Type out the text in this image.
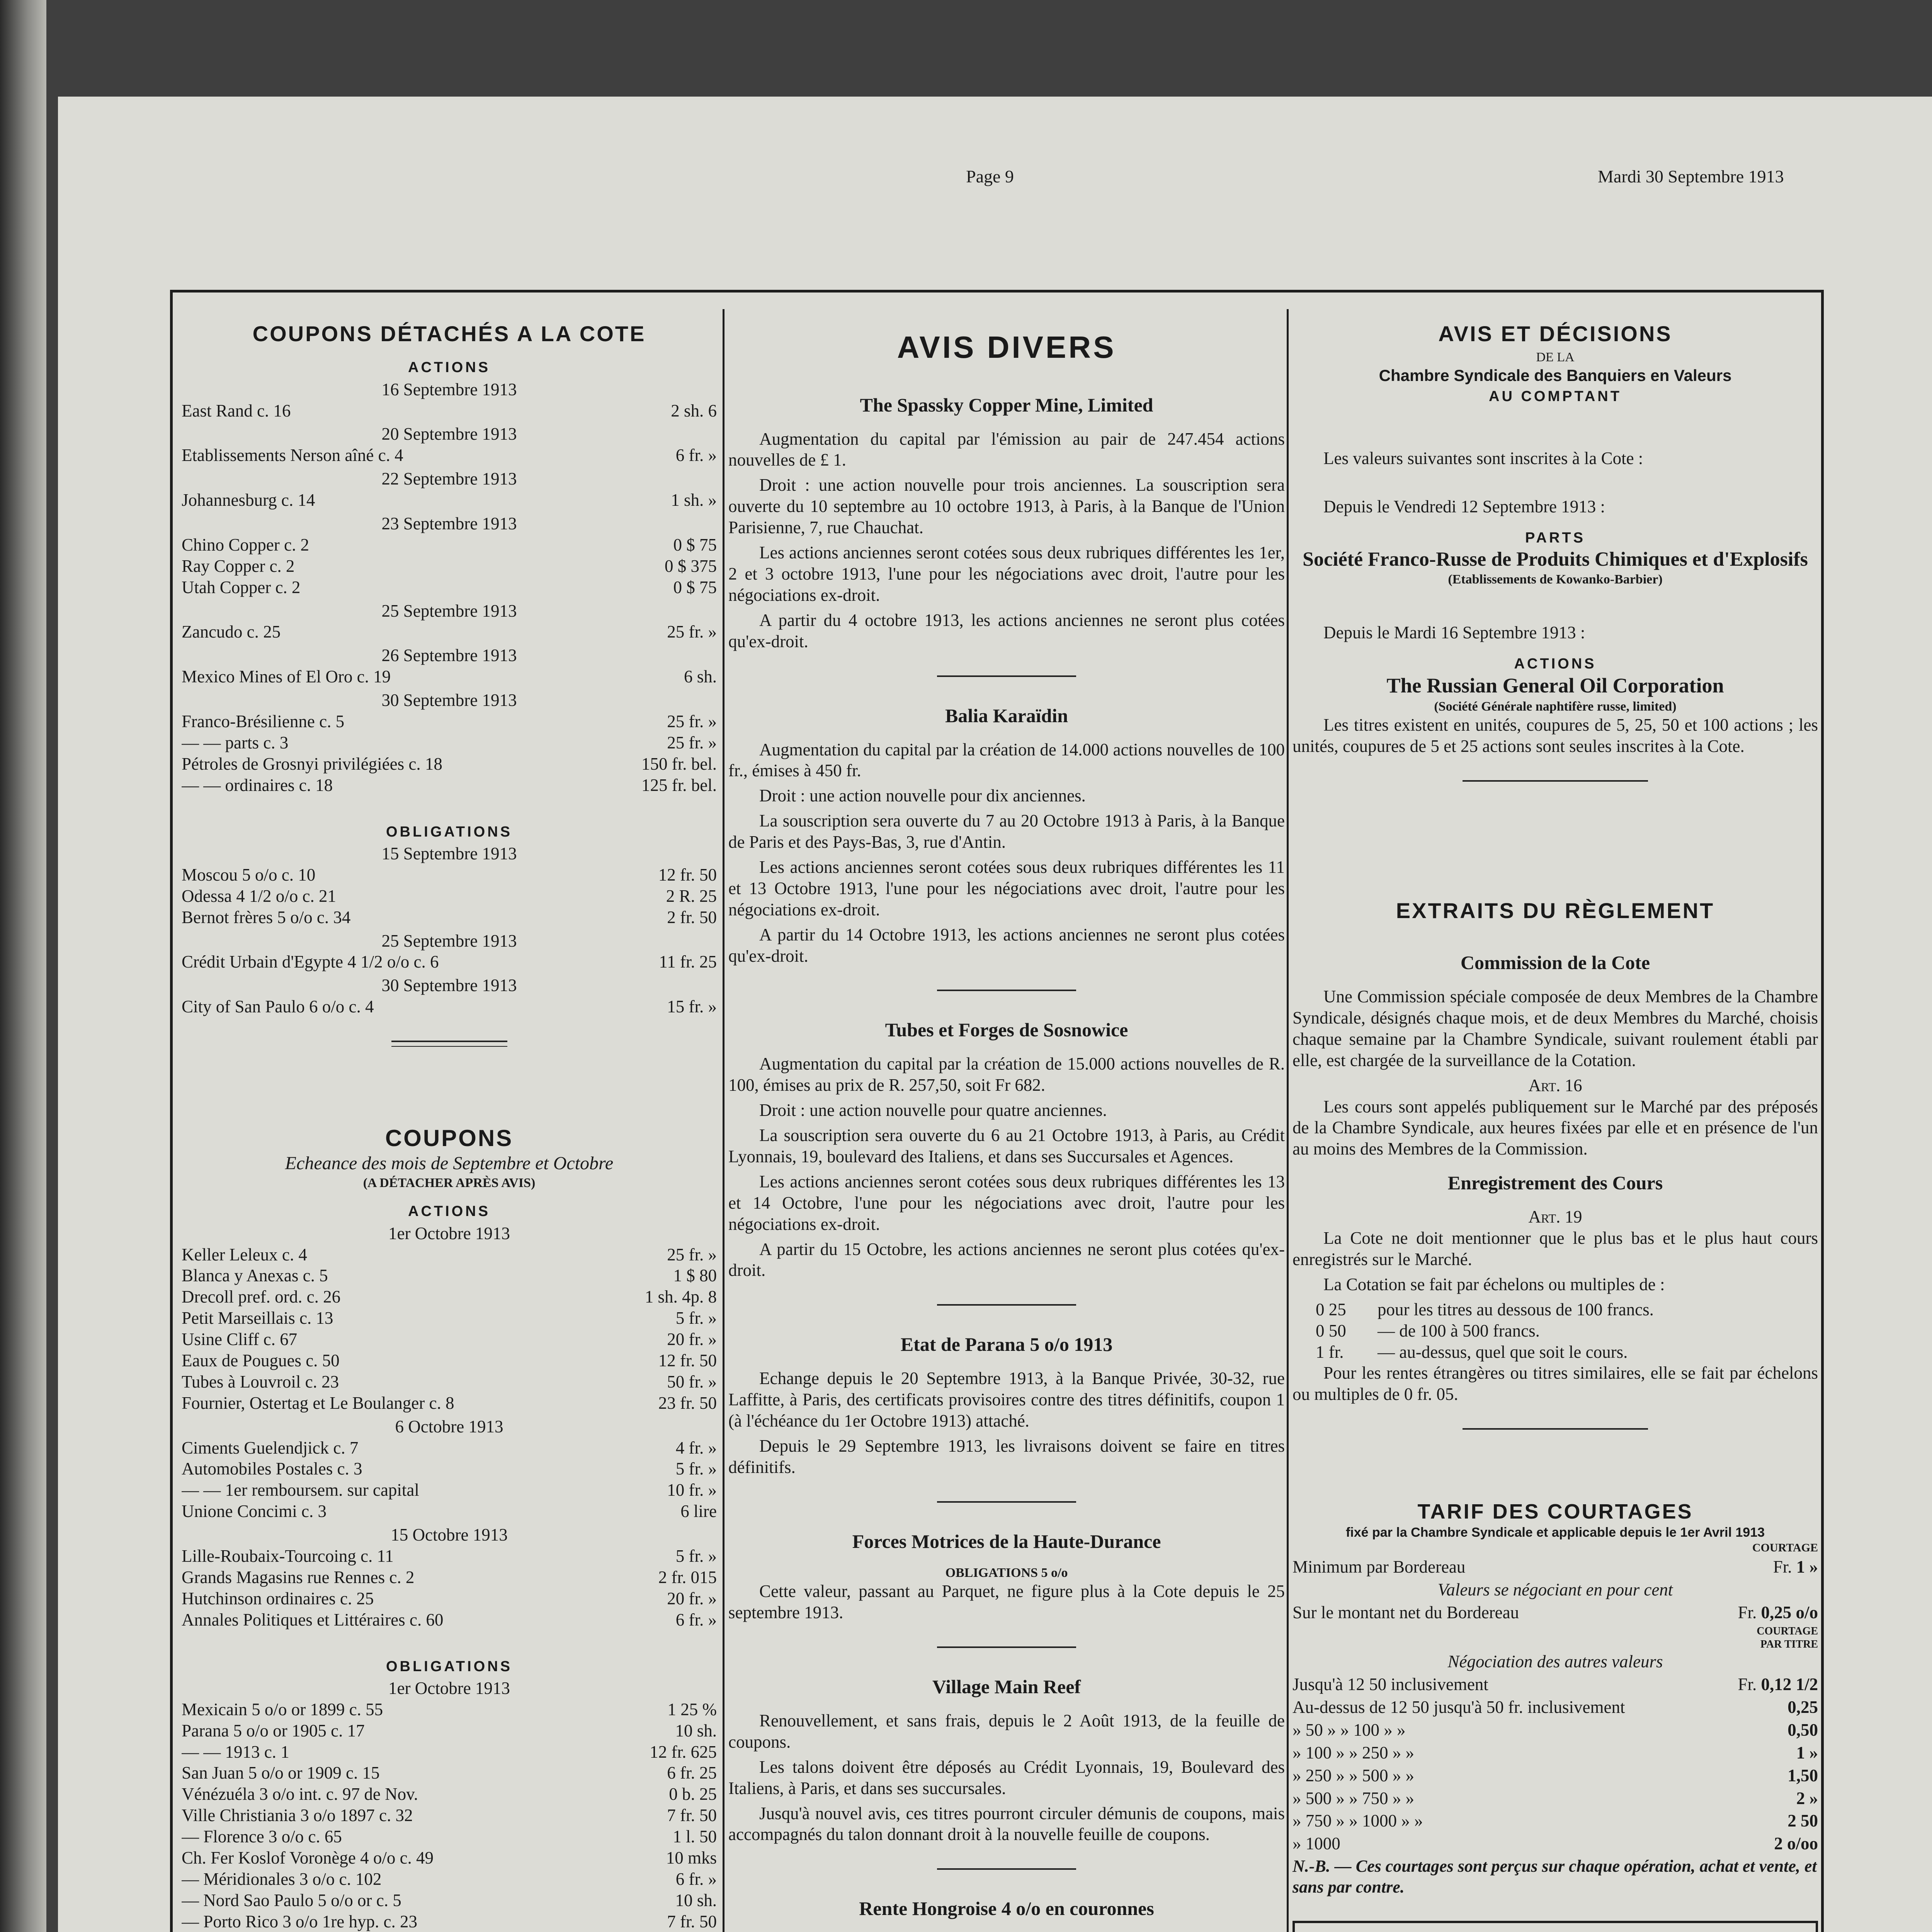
Page 9	Mardi 30 Septembre 1913
COUPONS DÉTACHÉS A LA COTE
ACTIONS
16 Septembre 1913
East Rand c. 16	2 sh. 6
20 Septembre 1913
Etablissements Nerson aîné c. 4	6 fr. »
22 Septembre 1913
Johannesburg c. 14	1 sh. »
23 Septembre 1913
Chino Copper c. 2	0 $ 75
Ray Copper c. 2	0 $ 375
Utah Copper c. 2	0 $ 75
25 Septembre 1913
Zancudo c. 25	25 fr. »
26 Septembre 1913
Mexico Mines of El Oro c. 19	6 sh.
30 Septembre 1913
Franco-Brésilienne c. 5	25 fr. »
— — parts c. 3	25 fr. »
Pétroles de Grosnyi privilégiées c. 18	150 fr. bel.
— — ordinaires c. 18	125 fr. bel.
OBLIGATIONS
15 Septembre 1913
Moscou 5 o/o c. 10	12 fr. 50
Odessa 4 1/2 o/o c. 21	2 R. 25
Bernot frères 5 o/o c. 34	2 fr. 50
25 Septembre 1913
Crédit Urbain d'Egypte 4 1/2 o/o c. 6	11 fr. 25
30 Septembre 1913
City of San Paulo 6 o/o c. 4	15 fr. »
COUPONS
Echeance des mois de Septembre et Octobre
(A DÉTACHER APRÈS AVIS)
ACTIONS
1er Octobre 1913
Keller Leleux c. 4	25 fr. »
Blanca y Anexas c. 5	1 $ 80
Drecoll pref. ord. c. 26	1 sh. 4p. 8
Petit Marseillais c. 13	5 fr. »
Usine Cliff c. 67	20 fr. »
Eaux de Pougues c. 50	12 fr. 50
Tubes à Louvroil c. 23	50 fr. »
Fournier, Ostertag et Le Boulanger c. 8	23 fr. 50
6 Octobre 1913
Ciments Guelendjick c. 7	4 fr. »
Automobiles Postales c. 3	5 fr. »
— — 1er remboursem. sur capital	10 fr. »
Unione Concimi c. 3	6 lire
15 Octobre 1913
Lille-Roubaix-Tourcoing c. 11	5 fr. »
Grands Magasins rue Rennes c. 2	2 fr. 015
Hutchinson ordinaires c. 25	20 fr. »
Annales Politiques et Littéraires c. 60	6 fr. »
OBLIGATIONS
1er Octobre 1913
Mexicain 5 o/o or 1899 c. 55	1 25 %
Parana 5 o/o or 1905 c. 17	10 sh.
— — 1913 c. 1	12 fr. 625
San Juan 5 o/o or 1909 c. 15	6 fr. 25
Vénézuéla 3 o/o int. c. 97 de Nov.	0 b. 25
Ville Christiania 3 o/o 1897 c. 32	7 fr. 50
— Florence 3 o/o c. 65	1 l. 50
Ch. Fer Koslof Voronège 4 o/o c. 49	10 mks
— Méridionales 3 o/o c. 102	6 fr. »
— Nord Sao Paulo 5 o/o or c. 5	10 sh.
— Porto Rico 3 o/o 1re hyp. c. 23	7 fr. 50
AVIS DIVERS
The Spassky Copper Mine, Limited

Augmentation du capital par l'émission au pair de 247.454 actions nouvelles de £ 1.

Droit : une action nouvelle pour trois anciennes. La souscription sera ouverte du 10 septembre au 10 octobre 1913, à Paris, à la Banque de l'Union Parisienne, 7, rue Chauchat.

Les actions anciennes seront cotées sous deux rubriques différentes les 1er, 2 et 3 octobre 1913, l'une pour les négociations avec droit, l'autre pour les négociations ex-droit.

A partir du 4 octobre 1913, les actions anciennes ne seront plus cotées qu'ex-droit.

Balia Karaïdin

Augmentation du capital par la création de 14.000 actions nouvelles de 100 fr., émises à 450 fr.

Droit : une action nouvelle pour dix anciennes.

La souscription sera ouverte du 7 au 20 Octobre 1913 à Paris, à la Banque de Paris et des Pays-Bas, 3, rue d'Antin.

Les actions anciennes seront cotées sous deux rubriques différentes les 11 et 13 Octobre 1913, l'une pour les négociations avec droit, l'autre pour les négociations ex-droit.

A partir du 14 Octobre 1913, les actions anciennes ne seront plus cotées qu'ex-droit.

Tubes et Forges de Sosnowice

Augmentation du capital par la création de 15.000 actions nouvelles de R. 100, émises au prix de R. 257,50, soit Fr 682.

Droit : une action nouvelle pour quatre anciennes.

La souscription sera ouverte du 6 au 21 Octobre 1913, à Paris, au Crédit Lyonnais, 19, boulevard des Italiens, et dans ses Succursales et Agences.

Les actions anciennes seront cotées sous deux rubriques différentes les 13 et 14 Octobre, l'une pour les négociations avec droit, l'autre pour les négociations ex-droit.

A partir du 15 Octobre, les actions anciennes ne seront plus cotées qu'ex-droit.

Etat de Parana 5 o/o 1913

Echange depuis le 20 Septembre 1913, à la Banque Privée, 30-32, rue Laffitte, à Paris, des certificats provisoires contre des titres définitifs, coupon 1 (à l'échéance du 1er Octobre 1913) attaché.

Depuis le 29 Septembre 1913, les livraisons doivent se faire en titres définitifs.

Forces Motrices de la Haute-Durance
OBLIGATIONS 5 o/o

Cette valeur, passant au Parquet, ne figure plus à la Cote depuis le 25 septembre 1913.

Village Main Reef

Renouvellement, et sans frais, depuis le 2 Août 1913, de la feuille de coupons.

Les talons doivent être déposés au Crédit Lyonnais, 19, Boulevard des Italiens, à Paris, et dans ses succursales.

Jusqu'à nouvel avis, ces titres pourront circuler démunis de coupons, mais accompagnés du talon donnant droit à la nouvelle feuille de coupons.

Rente Hongroise 4 o/o en couronnes

AVIS ET DÉCISIONS
DE LA
Chambre Syndicale des Banquiers en Valeurs
AU COMPTANT

Les valeurs suivantes sont inscrites à la Cote :

Depuis le Vendredi 12 Septembre 1913 :

PARTS
Société Franco-Russe de Produits Chimiques et d'Explosifs
(Etablissements de Kowanko-Barbier)

Depuis le Mardi 16 Septembre 1913 :

ACTIONS
The Russian General Oil Corporation
(Société Générale naphtifère russe, limited)

Les titres existent en unités, coupures de 5, 25, 50 et 100 actions ; les unités, coupures de 5 et 25 actions sont seules inscrites à la Cote.

EXTRAITS DU RÈGLEMENT
Commission de la Cote

Une Commission spéciale composée de deux Membres de la Chambre Syndicale, désignés chaque mois, et de deux Membres du Marché, choisis chaque semaine par la Chambre Syndicale, suivant roulement établi par elle, est chargée de la surveillance de la Cotation.

Art. 16

Les cours sont appelés publiquement sur le Marché par des préposés de la Chambre Syndicale, aux heures fixées par elle et en présence de l'un au moins des Membres de la Commission.

Enregistrement des Cours
Art. 19

La Cote ne doit mentionner que le plus bas et le plus haut cours enregistrés sur le Marché.

La Cotation se fait par échelons ou multiples de :

0 25	pour les titres au dessous de 100 francs.
0 50	— de 100 à 500 francs.
1 fr.	— au-dessus, quel que soit le cours.

Pour les rentes étrangères ou titres similaires, elle se fait par échelons ou multiples de 0 fr. 05.

TARIF DES COURTAGES
fixé par la Chambre Syndicale et applicable depuis le 1er Avril 1913
COURTAGE
Minimum par Bordereau	Fr. 1 »
Valeurs se négociant en pour cent
Sur le montant net du Bordereau	Fr. 0,25 o/o
COURTAGE PAR TITRE
Négociation des autres valeurs
Jusqu'à 12 50 inclusivement	Fr. 0,12 1/2
Au-dessus de 12 50 jusqu'à 50 fr. inclusivement	0,25
» 50 » » 100 » »	0,50
» 100 » » 250 » »	1 »
» 250 » » 500 » »	1,50
» 500 » » 750 » »	2 »
» 750 » » 1000 » »	2 50
» 1000	2 o/oo
N.-B. — Ces courtages sont perçus sur chaque opération, achat et vente, et sans par contre.
